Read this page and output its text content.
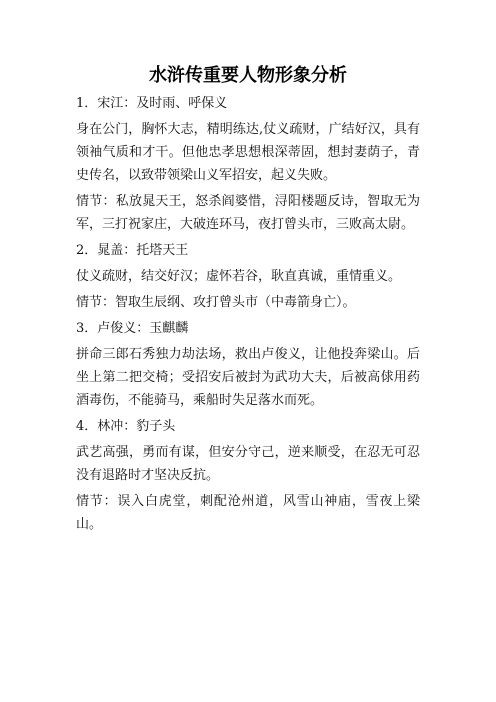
水浒传重要人物形象分析
1．宋江：及时雨、呼保义
身在公门，胸怀大志，精明练达,仗义疏财，广结好汉，具有领袖气质和才干。但他忠孝思想根深蒂固，想封妻荫子，青史传名，以致带领梁山义军招安，起义失败。
情节：私放晁天王，怒杀阎婆惜，浔阳楼题反诗，智取无为军，三打祝家庄，大破连环马，夜打曾头市，三败高太尉。
2．晁盖：托塔天王
仗义疏财，结交好汉；虚怀若谷，耿直真诚，重情重义。
情节：智取生辰纲、攻打曾头市（中毒箭身亡）。
3．卢俊义：玉麒麟
拼命三郎石秀独力劫法场，救出卢俊义，让他投奔梁山。后坐上第二把交椅；受招安后被封为武功大夫，后被高俅用药酒毒伤，不能骑马，乘船时失足落水而死。
4．林冲：豹子头
武艺高强，勇而有谋，但安分守己，逆来顺受，在忍无可忍没有退路时才坚决反抗。
情节：误入白虎堂，刺配沧州道，风雪山神庙，雪夜上梁山。
